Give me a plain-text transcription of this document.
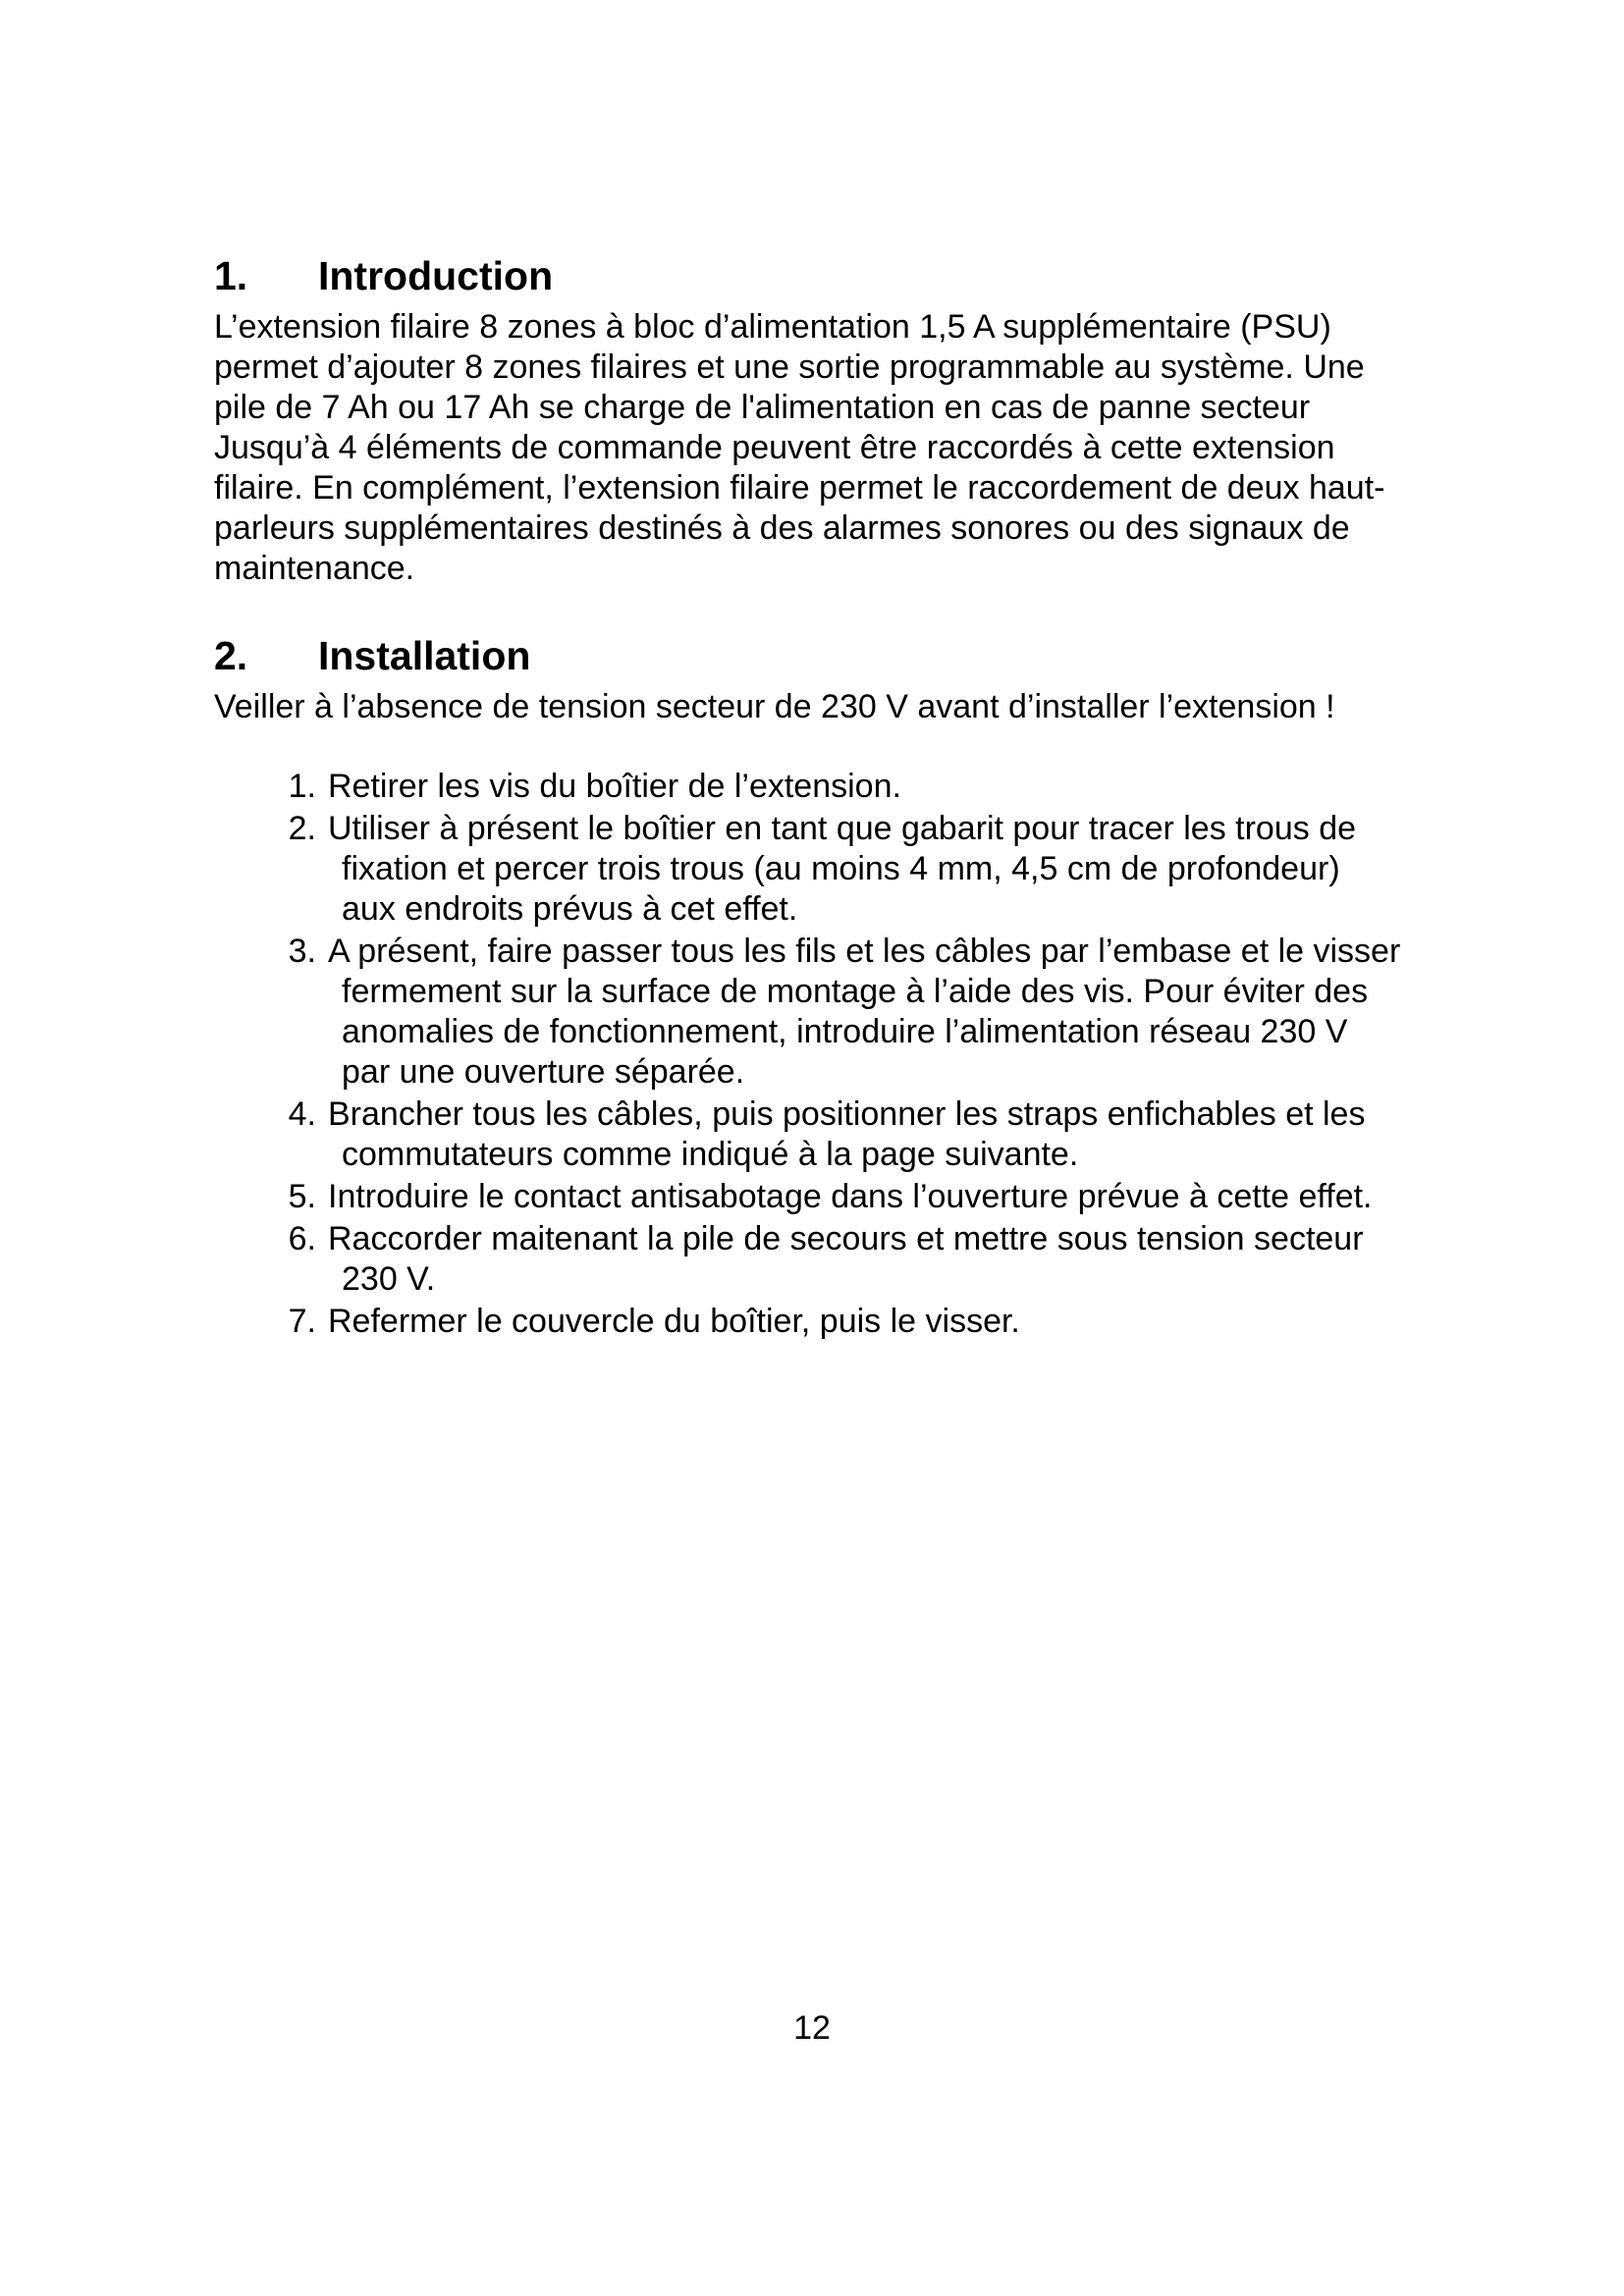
1.	Introduction

L’extension filaire 8 zones à bloc d’alimentation 1,5 A supplémentaire (PSU) permet d’ajouter 8 zones filaires et une sortie programmable au système. Une pile de 7 Ah ou 17 Ah se charge de l'alimentation en cas de panne secteur Jusqu’à 4 éléments de commande peuvent être raccordés à cette extension filaire. En complément, l’extension filaire permet le raccordement de deux haut-parleurs supplémentaires destinés à des alarmes sonores ou des signaux de maintenance.

2.	Installation

Veiller à l’absence de tension secteur de 230 V avant d’installer l’extension !

1. Retirer les vis du boîtier de l’extension.
2. Utiliser à présent le boîtier en tant que gabarit pour tracer les trous de fixation et percer trois trous (au moins 4 mm, 4,5 cm de profondeur) aux endroits prévus à cet effet.
3. A présent, faire passer tous les fils et les câbles par l’embase et le visser fermement sur la surface de montage à l’aide des vis. Pour éviter des anomalies de fonctionnement, introduire l’alimentation réseau 230 V par une ouverture séparée.
4. Brancher tous les câbles, puis positionner les straps enfichables et les commutateurs comme indiqué à la page suivante.
5. Introduire le contact antisabotage dans l’ouverture prévue à cette effet.
6. Raccorder maitenant la pile de secours et mettre sous tension secteur 230 V.
7. Refermer le couvercle du boîtier, puis le visser.
12
